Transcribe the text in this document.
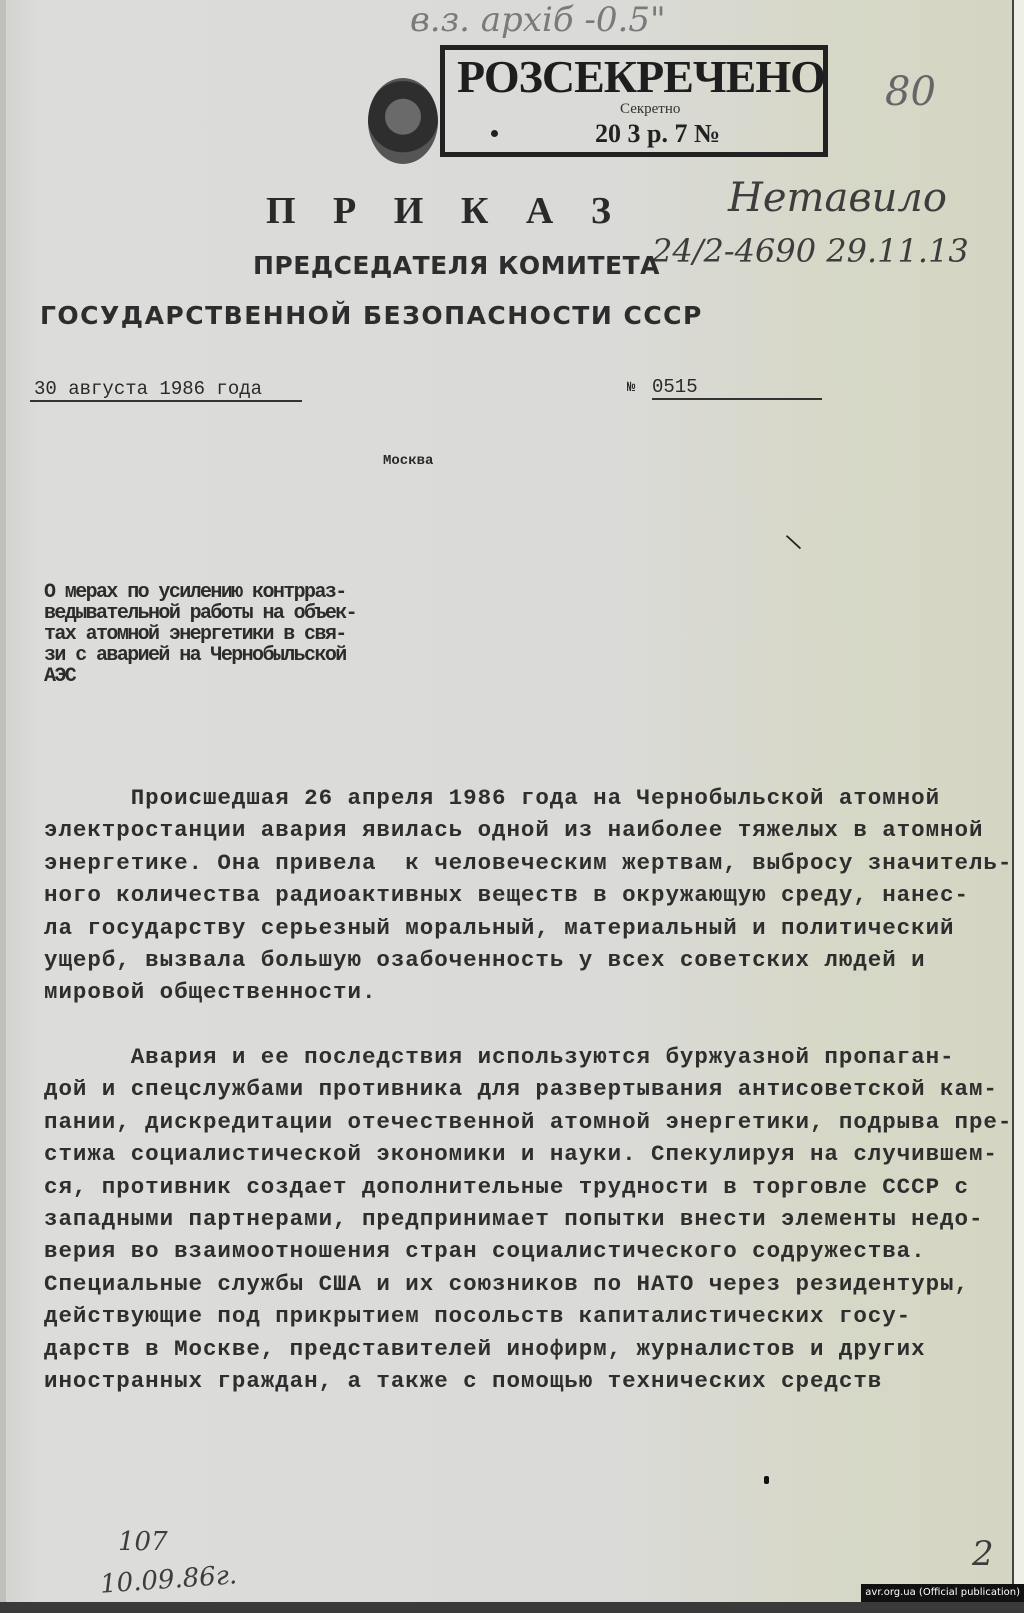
в.з. архіб -0.5"
80
РОЗСЕКРЕЧЕНО
Секретно
20 3 р. 7 №
Нетавило
24/2-4690 29.11.13
П Р И К А З
ПРЕДСЕДАТЕЛЯ КОМИТЕТА
ГОСУДАРСТВЕННОЙ БЕЗОПАСНОСТИ СССР
30 августа 1986 года	№ 0515
Москва
\
О мерах по усилению контрраз-
ведывательной работы на объек-
тах атомной энергетики в свя-
зи с аварией на Чернобыльской
АЭС
Происшедшая 26 апреля 1986 года на Чернобыльской атомной
электростанции авария явилась одной из наиболее тяжелых в атомной
энергетике. Она привела  к человеческим жертвам, выбросу значитель-
ного количества радиоактивных веществ в окружающую среду, нанес-
ла государству серьезный моральный, материальный и политический
ущерб, вызвала большую озабоченность у всех советских людей и
мировой общественности.
Авария и ее последствия используются буржуазной пропаган-
дой и спецслужбами противника для развертывания антисоветской кам-
пании, дискредитации отечественной атомной энергетики, подрыва пре-
стижа социалистической экономики и науки. Спекулируя на случившем-
ся, противник создает дополнительные трудности в торговле СССР с
западными партнерами, предпринимает попытки внести элементы недо-
верия во взаимоотношения стран социалистического содружества.
Специальные службы США и их союзников по НАТО через резидентуры,
действующие под прикрытием посольств капиталистических госу-
дарств в Москве, представителей инофирм, журналистов и других
иностранных граждан, а также с помощью технических средств
107
10.09.86г.
2
avr.org.ua (Official publication)
